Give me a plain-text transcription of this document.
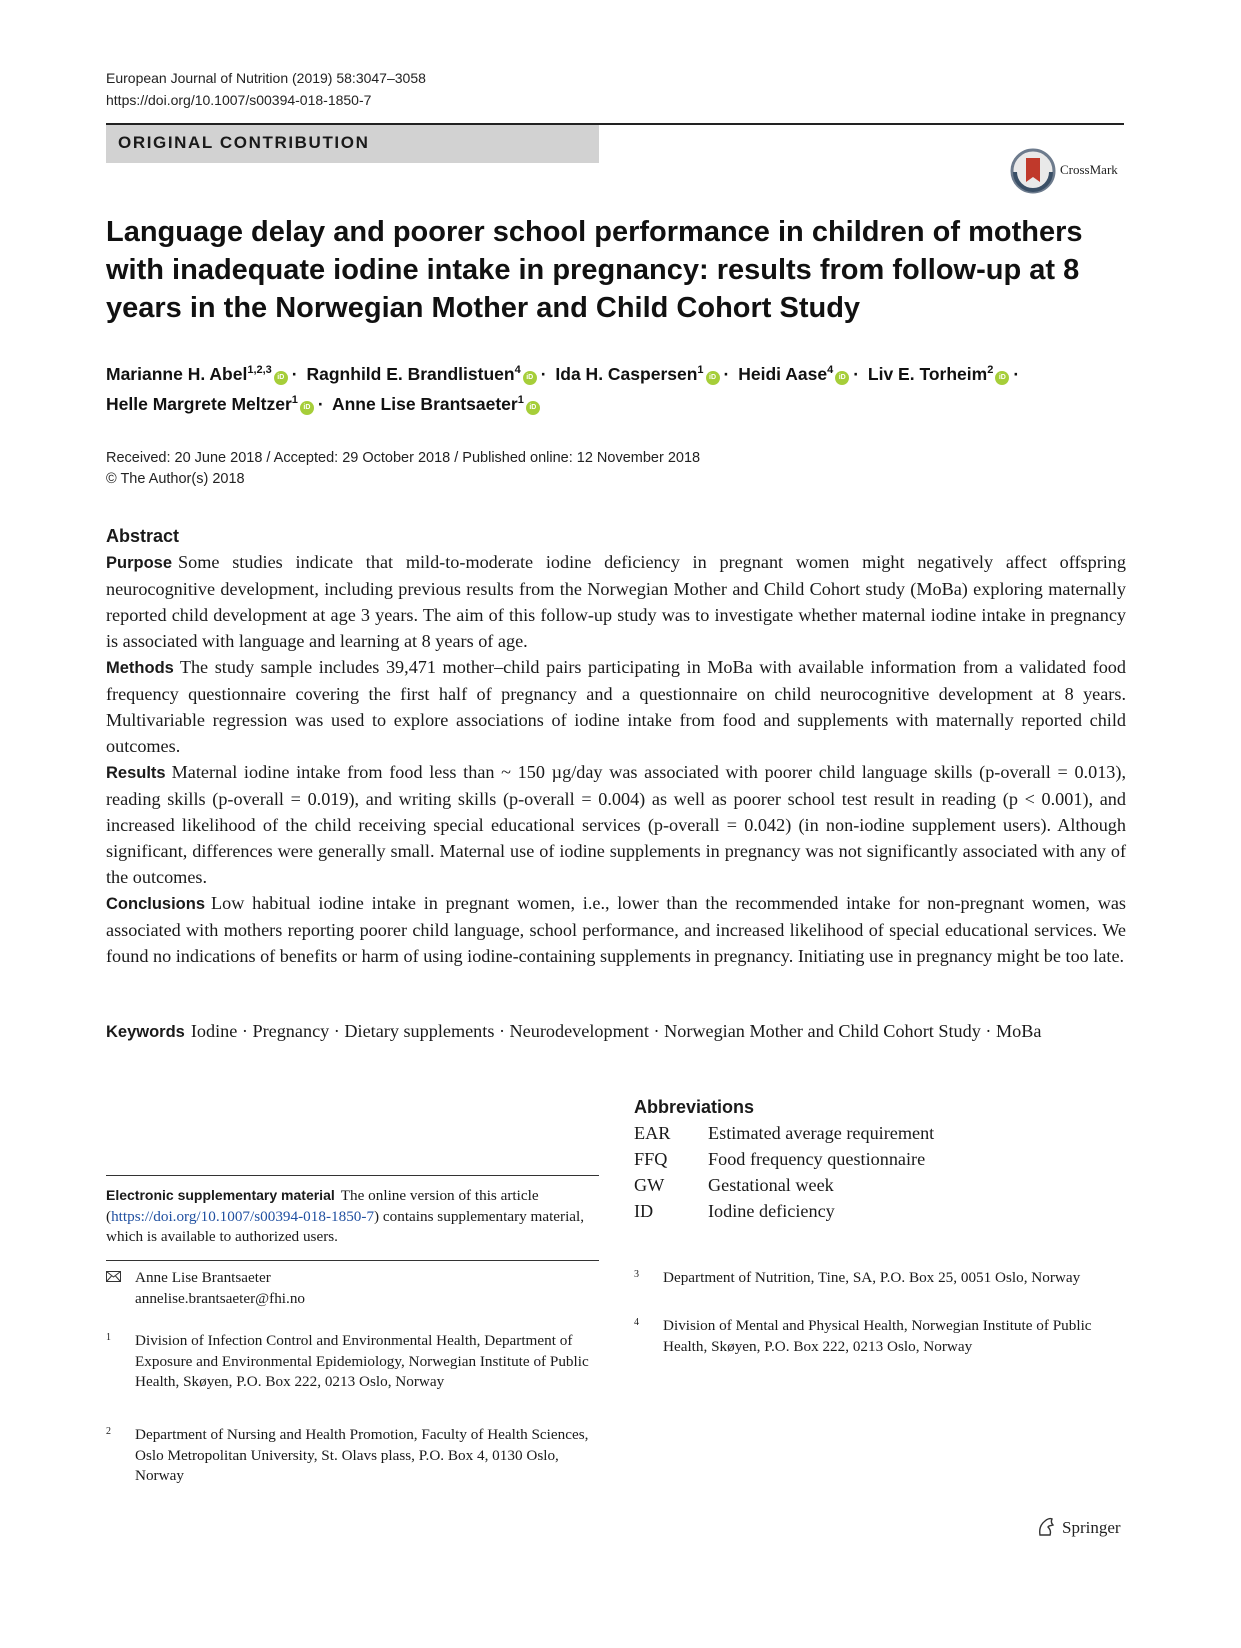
European Journal of Nutrition (2019) 58:3047–3058
https://doi.org/10.1007/s00394-018-1850-7
ORIGINAL CONTRIBUTION
CrossMark
Language delay and poorer school performance in children of mothers with inadequate iodine intake in pregnancy: results from follow-up at 8 years in the Norwegian Mother and Child Cohort Study
Marianne H. Abel$^{1,2,3}$iD · Ragnhild E. Brandlistuen$^4$iD · Ida H. Caspersen$^1$iD · Heidi Aase$^4$iD · Liv E. Torheim$^2$iD ·
Helle Margrete Meltzer$^1$iD · Anne Lise Brantsaeter$^1$iD
Received: 20 June 2018 / Accepted: 29 October 2018 / Published online: 12 November 2018
© The Author(s) 2018
Abstract
Purpose Some studies indicate that mild-to-moderate iodine deficiency in pregnant women might negatively affect offspring neurocognitive development, including previous results from the Norwegian Mother and Child Cohort study (MoBa) exploring maternally reported child development at age 3 years. The aim of this follow-up study was to investigate whether maternal iodine intake in pregnancy is associated with language and learning at 8 years of age.
Methods The study sample includes 39,471 mother–child pairs participating in MoBa with available information from a validated food frequency questionnaire covering the first half of pregnancy and a questionnaire on child neurocognitive development at 8 years. Multivariable regression was used to explore associations of iodine intake from food and supplements with maternally reported child outcomes.
Results Maternal iodine intake from food less than ~ 150 µg/day was associated with poorer child language skills (p-overall = 0.013), reading skills (p-overall = 0.019), and writing skills (p-overall = 0.004) as well as poorer school test result in reading (p < 0.001), and increased likelihood of the child receiving special educational services (p-overall = 0.042) (in non-iodine supplement users). Although significant, differences were generally small. Maternal use of iodine supplements in pregnancy was not significantly associated with any of the outcomes.
Conclusions Low habitual iodine intake in pregnant women, i.e., lower than the recommended intake for non-pregnant women, was associated with mothers reporting poorer child language, school performance, and increased likelihood of special educational services. We found no indications of benefits or harm of using iodine-containing supplements in pregnancy. Initiating use in pregnancy might be too late.
Keywords Iodine · Pregnancy · Dietary supplements · Neurodevelopment · Norwegian Mother and Child Cohort Study · MoBa
Abbreviations
EAR	Estimated average requirement
FFQ	Food frequency questionnaire
GW	Gestational week
ID	Iodine deficiency
Electronic supplementary material The online version of this article (https://doi.org/10.1007/s00394-018-1850-7) contains supplementary material, which is available to authorized users.
Anne Lise Brantsaeter
annelise.brantsaeter@fhi.no
1 Division of Infection Control and Environmental Health, Department of Exposure and Environmental Epidemiology, Norwegian Institute of Public Health, Skøyen, P.O. Box 222, 0213 Oslo, Norway
2 Department of Nursing and Health Promotion, Faculty of Health Sciences, Oslo Metropolitan University, St. Olavs plass, P.O. Box 4, 0130 Oslo, Norway
3 Department of Nutrition, Tine, SA, P.O. Box 25, 0051 Oslo, Norway
4 Division of Mental and Physical Health, Norwegian Institute of Public Health, Skøyen, P.O. Box 222, 0213 Oslo, Norway
Springer
